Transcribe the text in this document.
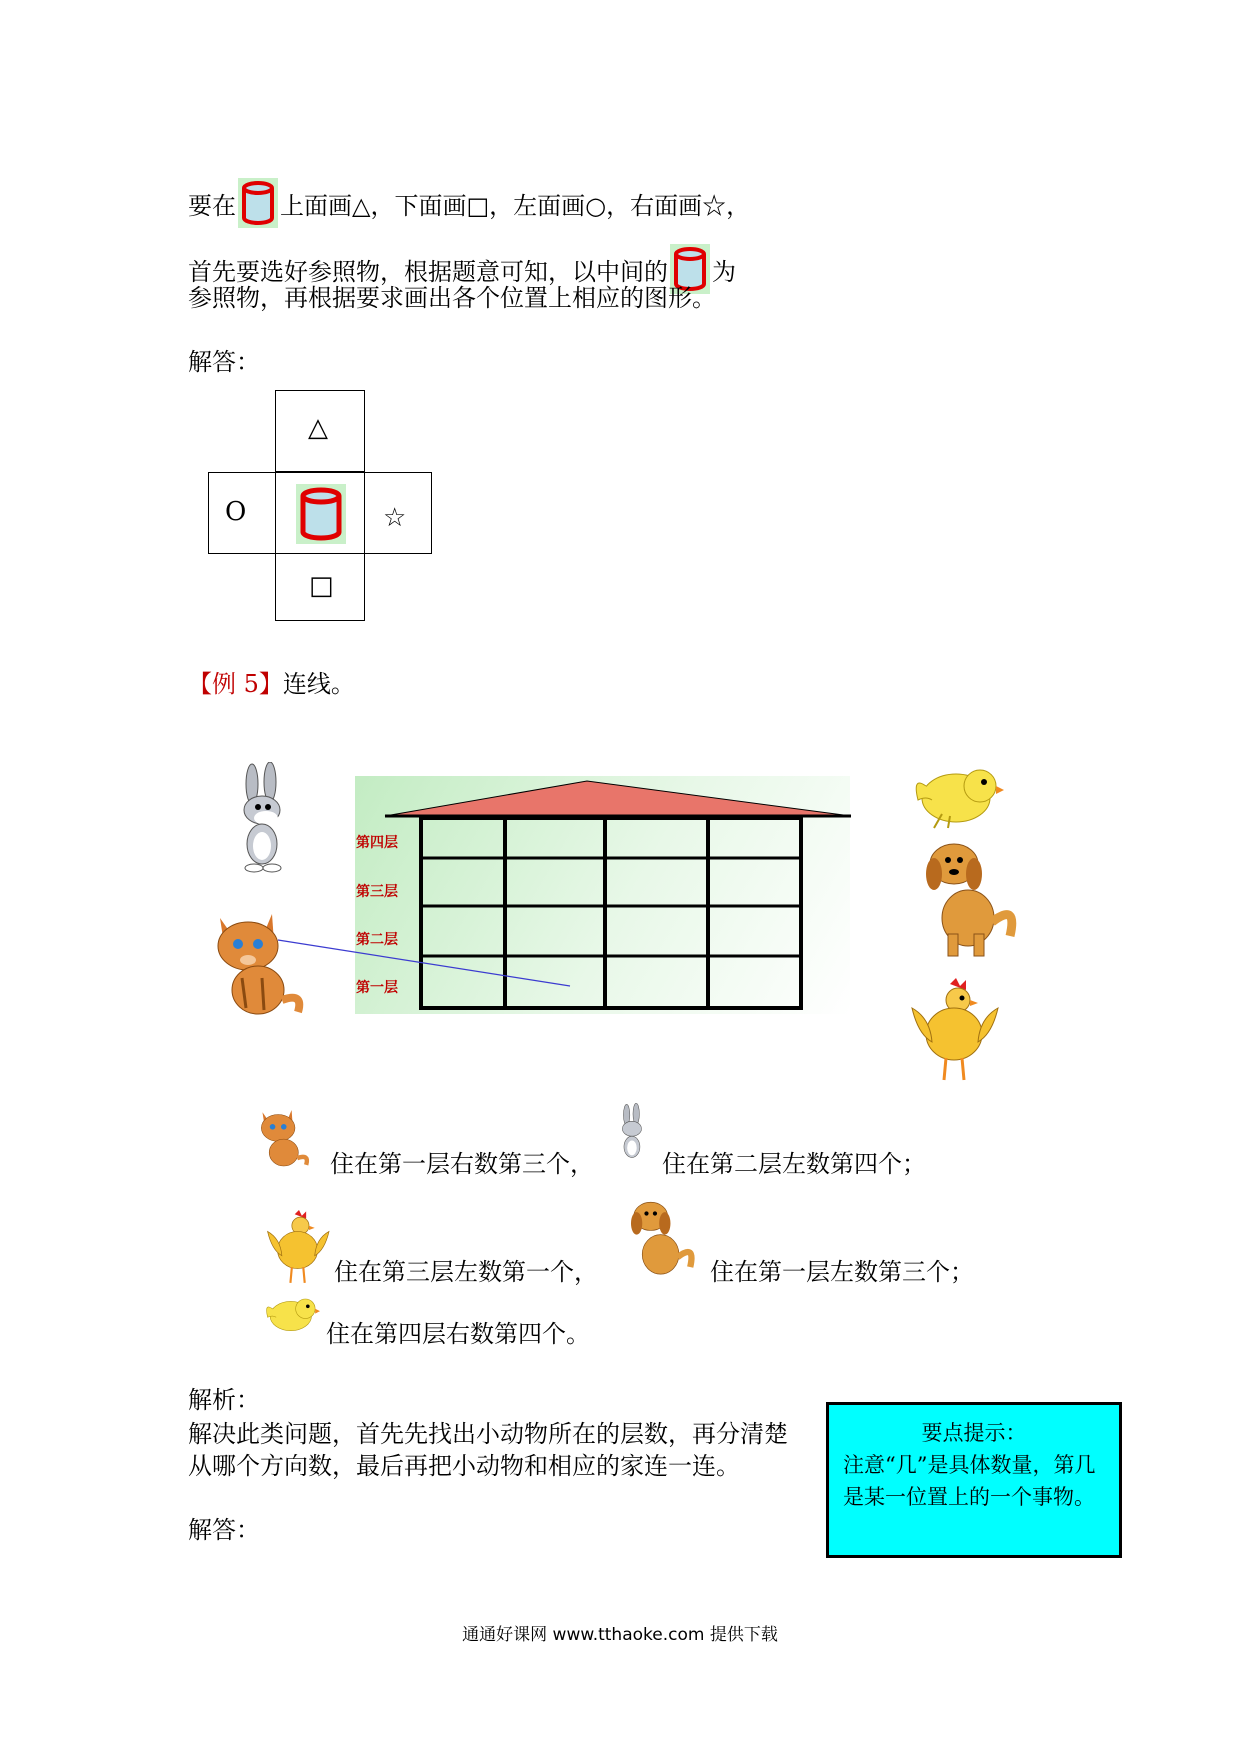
要在 上面画△，下面画□，左面画○，右面画☆，
首先要选好参照物，根据题意可知，以中间的 为
参照物，再根据要求画出各个位置上相应的图形。
解答：
△
O	☆
□
【例 5】连线。
第四层
第三层
第二层
第一层
住在第一层右数第三个，	住在第二层左数第四个；
住在第三层左数第一个，	住在第一层左数第三个；
住在第四层右数第四个。
解析：
解决此类问题，首先先找出小动物所在的层数，再分清楚
从哪个方向数，最后再把小动物和相应的家连一连。
解答：
要点提示：
注意“几”是具体数量，第几是某一位置上的一个事物。
通通好课网 www.tthaoke.com 提供下载
